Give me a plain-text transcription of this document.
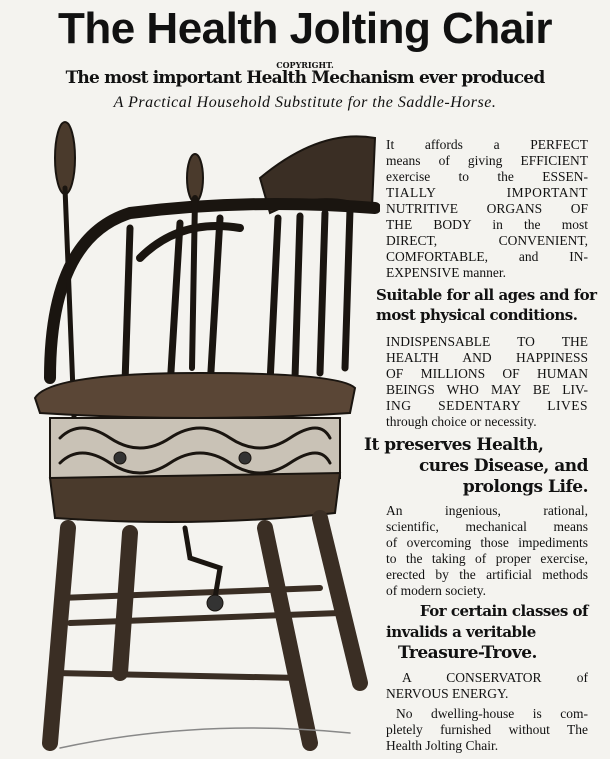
The Health Jolting Chair
COPYRIGHT.
The most important Health Mechanism ever produced
A Practical Household Substitute for the Saddle-Horse.
It affords a PERFECT
means of giving EFFICIENT
exercise to the ESSEN-
TIALLY IMPORTANT
NUTRITIVE ORGANS OF
THE BODY in the most
DIRECT, CONVENIENT,
COMFORTABLE, and IN-
EXPENSIVE manner.
Suitable for all ages and for
most physical conditions.
INDISPENSABLE TO THE
HEALTH AND HAPPINESS
OF MILLIONS OF HUMAN
BEINGS WHO MAY BE LIV-
ING SEDENTARY LIVES
through choice or necessity.
It preserves Health,
cures Disease, and
prolongs Life.
An ingenious, rational,
scientific, mechanical means
of overcoming those impediments
to the taking of proper exercise,
erected by the artificial methods
of modern society.
For certain classes of
invalids a veritable
Treasure-Trove.
A CONSERVATOR of
NERVOUS ENERGY.
No dwelling-house is com-
pletely furnished without The
Health Jolting Chair.
